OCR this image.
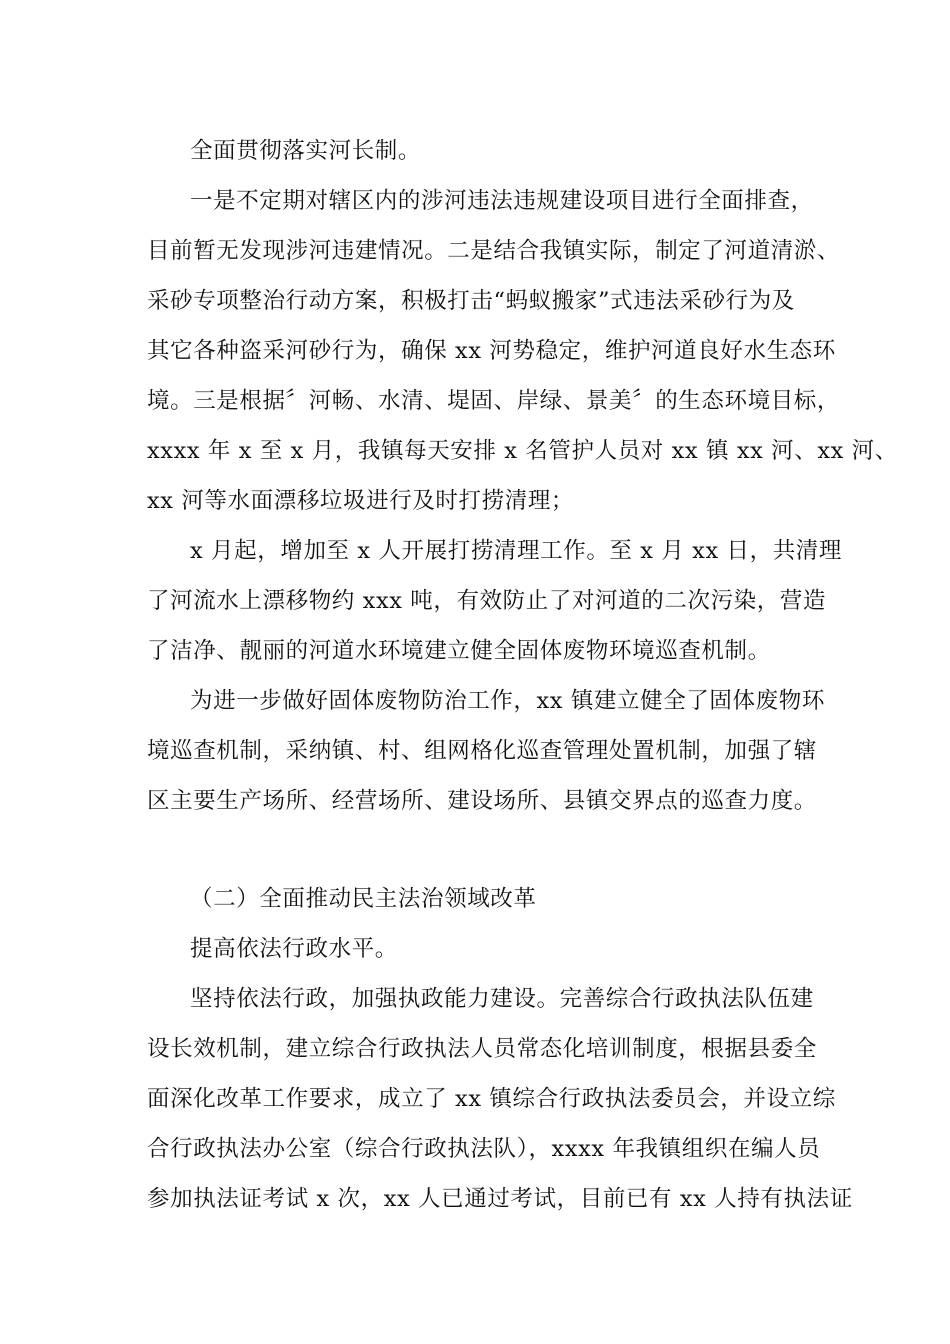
全面贯彻落实河长制。
一是不定期对辖区内的涉河违法违规建设项目进行全面排查，
目前暂无发现涉河违建情况。二是结合我镇实际，制定了河道清淤、
采砂专项整治行动方案，积极打击“蚂蚁搬家”式违法采砂行为及
其它各种盗采河砂行为，确保 xx 河势稳定，维护河道良好水生态环
境。三是根据〞河畅、水清、堤固、岸绿、景美〞的生态环境目标，
xxxx 年 x 至 x 月，我镇每天安排 x 名管护人员对 xx 镇 xx 河、xx 河、
xx 河等水面漂移垃圾进行及时打捞清理；
x 月起，增加至 x 人开展打捞清理工作。至 x 月 xx 日，共清理
了河流水上漂移物约 xxx 吨，有效防止了对河道的二次污染，营造
了洁净、靓丽的河道水环境建立健全固体废物环境巡查机制。
为进一步做好固体废物防治工作，xx 镇建立健全了固体废物环
境巡查机制，采纳镇、村、组网格化巡查管理处置机制，加强了辖
区主要生产场所、经营场所、建设场所、县镇交界点的巡查力度。
（二）全面推动民主法治领域改革
提高依法行政水平。
坚持依法行政，加强执政能力建设。完善综合行政执法队伍建
设长效机制，建立综合行政执法人员常态化培训制度，根据县委全
面深化改革工作要求，成立了 xx 镇综合行政执法委员会，并设立综
合行政执法办公室（综合行政执法队），xxxx 年我镇组织在编人员
参加执法证考试 x 次，xx 人已通过考试，目前已有 xx 人持有执法证
